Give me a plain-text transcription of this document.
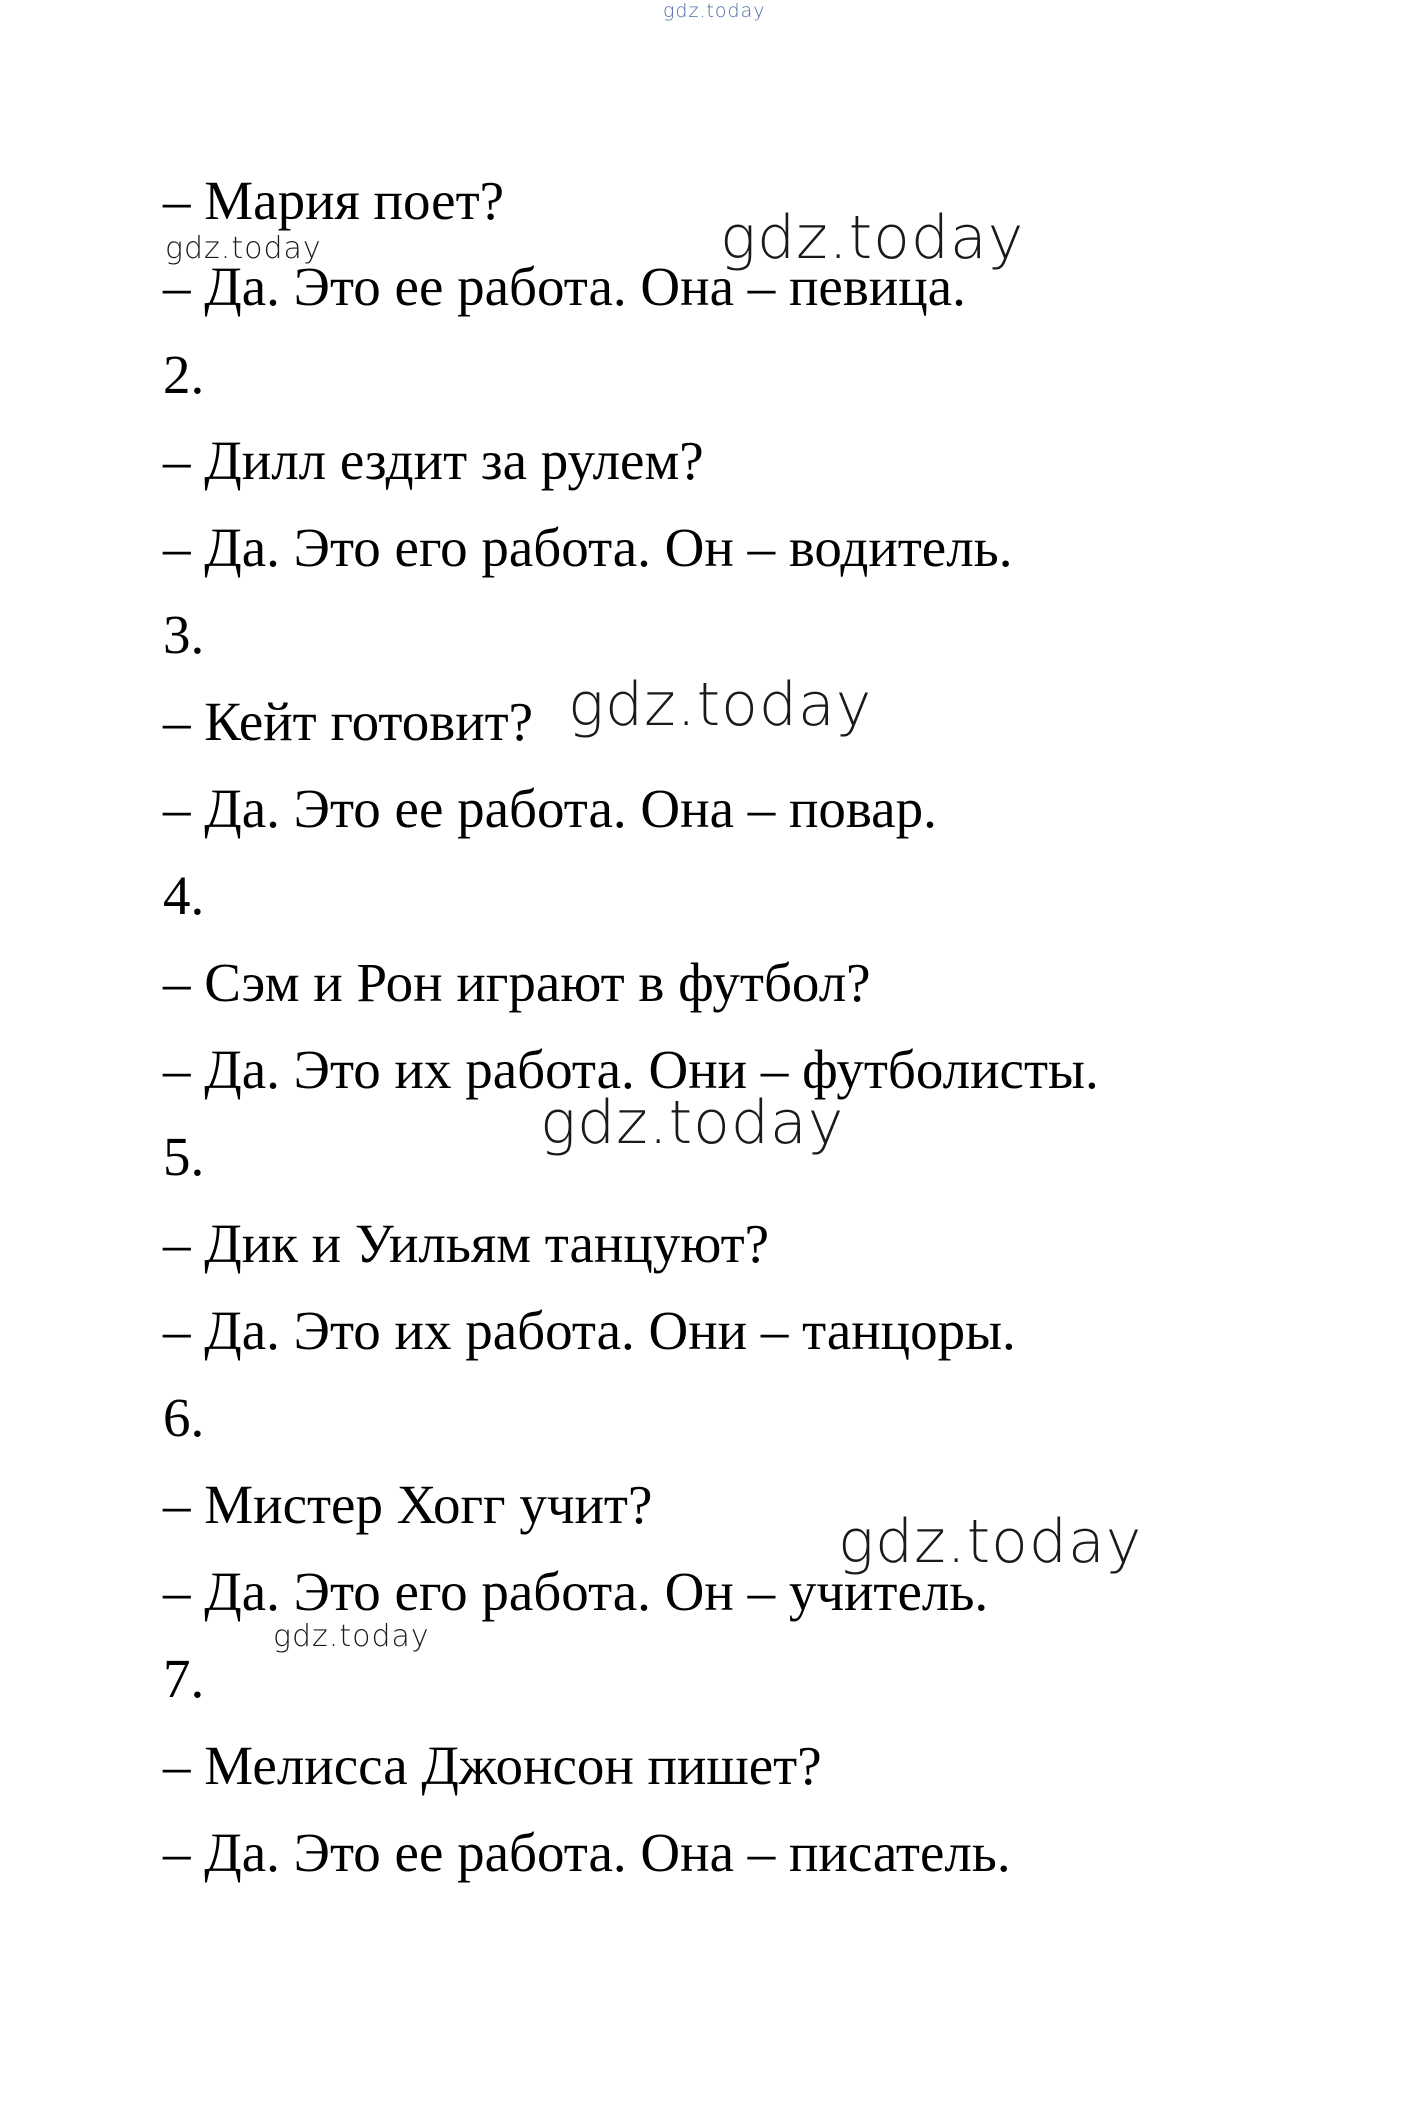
gdz.today

– Мария поет?

– Да. Это ее работа. Она – певица.

2.

– Дилл ездит за рулем?

– Да. Это его работа. Он – водитель.

3.

– Кейт готовит?

– Да. Это ее работа. Она – повар.

4.

– Сэм и Рон играют в футбол?

– Да. Это их работа. Они – футболисты.

5.

– Дик и Уильям танцуют?

– Да. Это их работа. Они – танцоры.

6.

– Мистер Хогг учит?

– Да. Это его работа. Он – учитель.

7.

– Мелисса Джонсон пишет?

– Да. Это ее работа. Она – писатель.

gdz.today	gdz.today
gdz.today
gdz.today
gdz.today
gdz.today
